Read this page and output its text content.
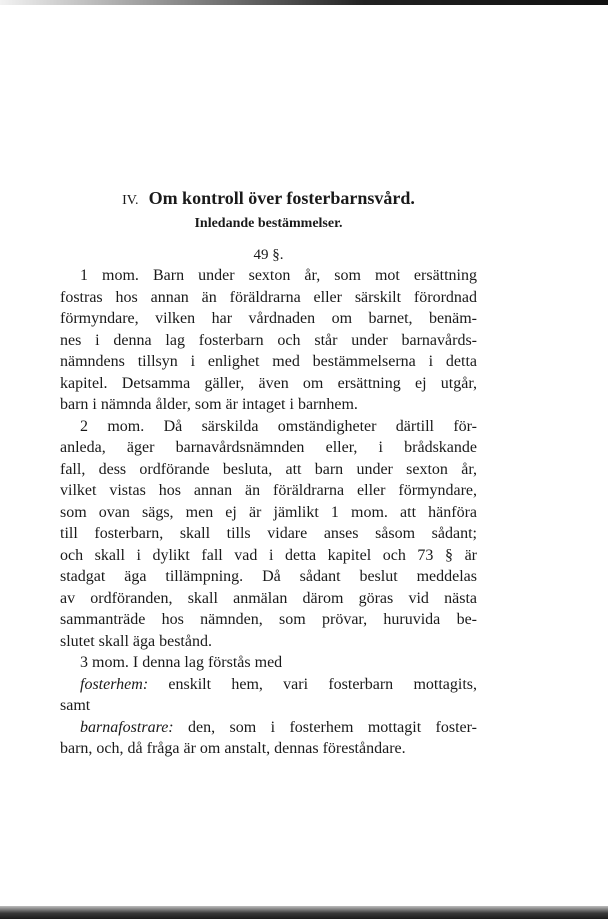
IV. Om kontroll över fosterbarnsvård.
Inledande bestämmelser.
49 §.

1 mom. Barn under sexton år, som mot ersättning
fostras hos annan än föräldrarna eller särskilt förordnad
förmyndare, vilken har vårdnaden om barnet, benäm-
nes i denna lag fosterbarn och står under barnavårds-
nämndens tillsyn i enlighet med bestämmelserna i detta
kapitel. Detsamma gäller, även om ersättning ej utgår,
barn i nämnda ålder, som är intaget i barnhem.

2 mom. Då särskilda omständigheter därtill för-
anleda, äger barnavårdsnämnden eller, i brådskande
fall, dess ordförande besluta, att barn under sexton år,
vilket vistas hos annan än föräldrarna eller förmyndare,
som ovan sägs, men ej är jämlikt 1 mom. att hänföra
till fosterbarn, skall tills vidare anses såsom sådant;
och skall i dylikt fall vad i detta kapitel och 73 § är
stadgat äga tillämpning. Då sådant beslut meddelas
av ordföranden, skall anmälan därom göras vid nästa
sammanträde hos nämnden, som prövar, huruvida be-
slutet skall äga bestånd.

3 mom. I denna lag förstås med

fosterhem: enskilt hem, vari fosterbarn mottagits,
samt

barnafostrare: den, som i fosterhem mottagit foster-
barn, och, då fråga är om anstalt, dennas föreståndare.
